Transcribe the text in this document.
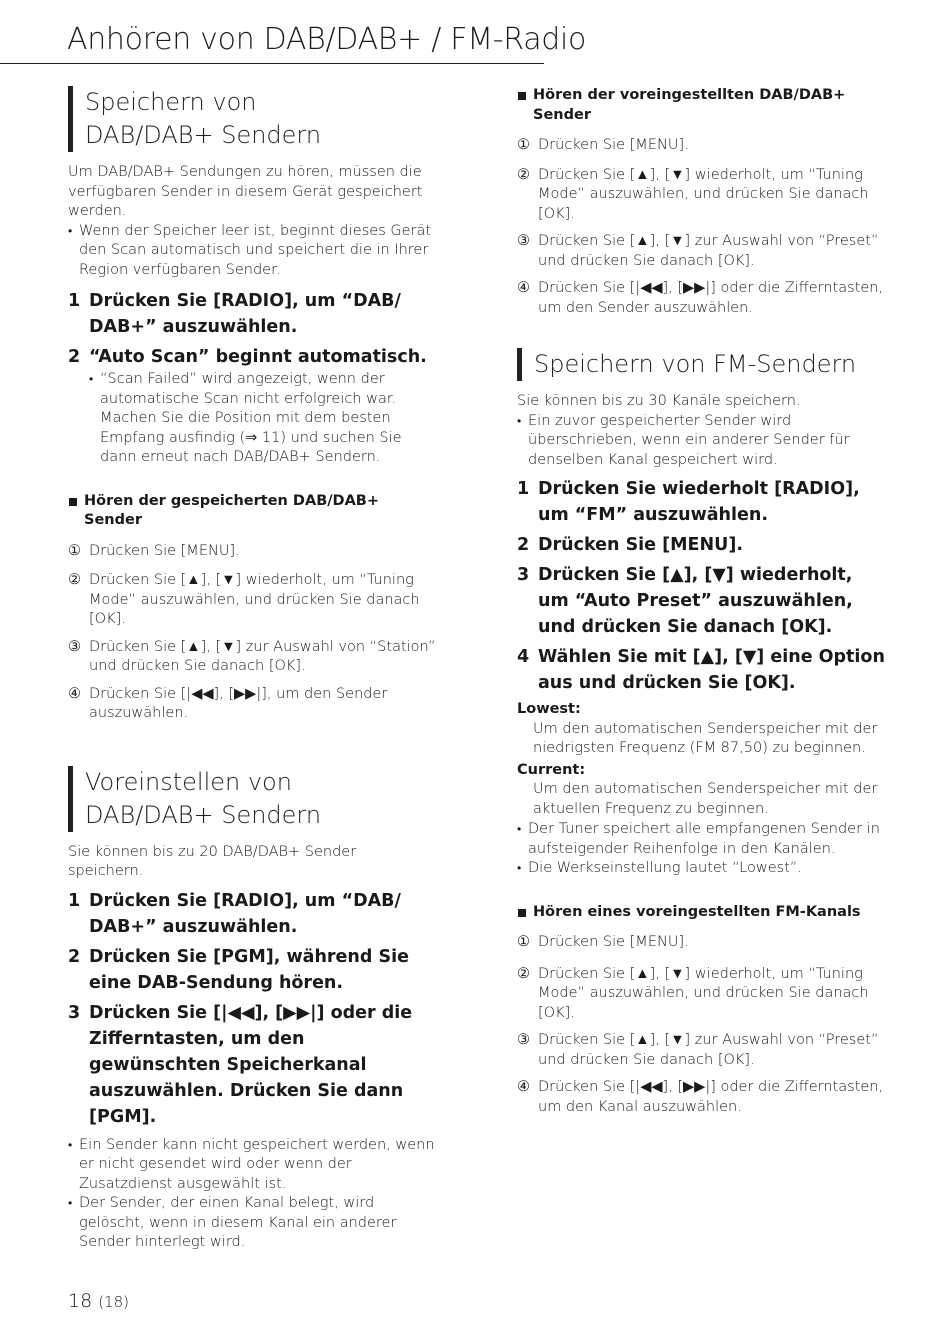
Anhören von DAB/DAB+ / FM-Radio
Speichern von DAB/DAB+ Sendern
Um DAB/DAB+ Sendungen zu hören, müssen die verfügbaren Sender in diesem Gerät gespeichert werden.
• Wenn der Speicher leer ist, beginnt dieses Gerät den Scan automatisch und speichert die in Ihrer Region verfügbaren Sender.
1 Drücken Sie [RADIO], um “DAB/ DAB+” auszuwählen.
2 “Auto Scan” beginnt automatisch.
• “Scan Failed” wird angezeigt, wenn der automatische Scan nicht erfolgreich war. Machen Sie die Position mit dem besten Empfang ausfindig (⇒ 11) und suchen Sie dann erneut nach DAB/DAB+ Sendern.
Hören der gespeicherten DAB/DAB+ Sender
① Drücken Sie [MENU].
② Drücken Sie [▲], [▼] wiederholt, um “Tuning Mode” auszuwählen, und drücken Sie danach [OK].
③ Drücken Sie [▲], [▼] zur Auswahl von “Station” und drücken Sie danach [OK].
④ Drücken Sie [|◀◀], [▶▶|], um den Sender auszuwählen.
Voreinstellen von DAB/DAB+ Sendern
Sie können bis zu 20 DAB/DAB+ Sender speichern.
1 Drücken Sie [RADIO], um “DAB/ DAB+” auszuwählen.
2 Drücken Sie [PGM], während Sie eine DAB-Sendung hören.
3 Drücken Sie [|◀◀], [▶▶|] oder die Zifferntasten, um den gewünschten Speicherkanal auszuwählen. Drücken Sie dann [PGM].
• Ein Sender kann nicht gespeichert werden, wenn er nicht gesendet wird oder wenn der Zusatzdienst ausgewählt ist.
• Der Sender, der einen Kanal belegt, wird gelöscht, wenn in diesem Kanal ein anderer Sender hinterlegt wird.
Hören der voreingestellten DAB/DAB+ Sender
① Drücken Sie [MENU].
② Drücken Sie [▲], [▼] wiederholt, um “Tuning Mode” auszuwählen, und drücken Sie danach [OK].
③ Drücken Sie [▲], [▼] zur Auswahl von “Preset” und drücken Sie danach [OK].
④ Drücken Sie [|◀◀], [▶▶|] oder die Zifferntasten, um den Sender auszuwählen.
Speichern von FM-Sendern
Sie können bis zu 30 Kanäle speichern.
• Ein zuvor gespeicherter Sender wird überschrieben, wenn ein anderer Sender für denselben Kanal gespeichert wird.
1 Drücken Sie wiederholt [RADIO], um “FM” auszuwählen.
2 Drücken Sie [MENU].
3 Drücken Sie [▲], [▼] wiederholt, um “Auto Preset” auszuwählen, und drücken Sie danach [OK].
4 Wählen Sie mit [▲], [▼] eine Option aus und drücken Sie [OK].
Lowest:
Um den automatischen Senderspeicher mit der niedrigsten Frequenz (FM 87,50) zu beginnen.
Current:
Um den automatischen Senderspeicher mit der aktuellen Frequenz zu beginnen.
• Der Tuner speichert alle empfangenen Sender in aufsteigender Reihenfolge in den Kanälen.
• Die Werkseinstellung lautet “Lowest”.
Hören eines voreingestellten FM-Kanals
① Drücken Sie [MENU].
② Drücken Sie [▲], [▼] wiederholt, um “Tuning Mode” auszuwählen, und drücken Sie danach [OK].
③ Drücken Sie [▲], [▼] zur Auswahl von “Preset” und drücken Sie danach [OK].
④ Drücken Sie [|◀◀], [▶▶|] oder die Zifferntasten, um den Kanal auszuwählen.
18 (18)
